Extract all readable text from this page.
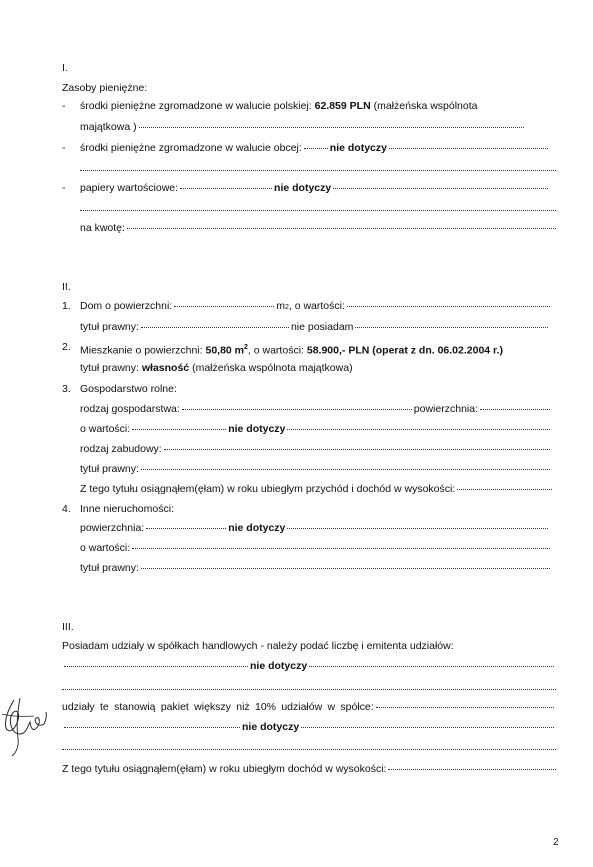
I.
Zasoby pieniężne:
- środki pieniężne zgromadzone w walucie polskiej: 62.859 PLN (małżeńska wspólnota
majątkowa )
- środki pieniężne zgromadzone w walucie obcej:	nie dotyczy
- papiery wartościowe:	nie dotyczy
na kwotę:
II.
1. Dom o powierzchni:	m 2 , o wartości:
tytuł prawny:	nie posiadam
2. Mieszkanie o powierzchni: 50,80 $m^2$, o wartości: 58.900,- PLN (operat z dn. 06.02.2004 r.)
tytuł prawny: własność (małżeńska wspólnota majątkowa)
3. Gospodarstwo rolne:
rodzaj gospodarstwa:	powierzchnia:
o wartości:	nie dotyczy
rodzaj zabudowy:
tytuł prawny:
Z tego tytułu osiągnąłem(ęłam) w roku ubiegłym przychód i dochód w wysokości:
4. Inne nieruchomości:
powierzchnia:	nie dotyczy
o wartości:
tytuł prawny:
III.
Posiadam udziały w spółkach handlowych - należy podać liczbę i emitenta udziałów:
nie dotyczy
udziały te stanowią pakiet większy niż 10% udziałów w spółce:
nie dotyczy
Z tego tytułu osiągnąłem(ęłam) w roku ubiegłym dochód w wysokości:
2
